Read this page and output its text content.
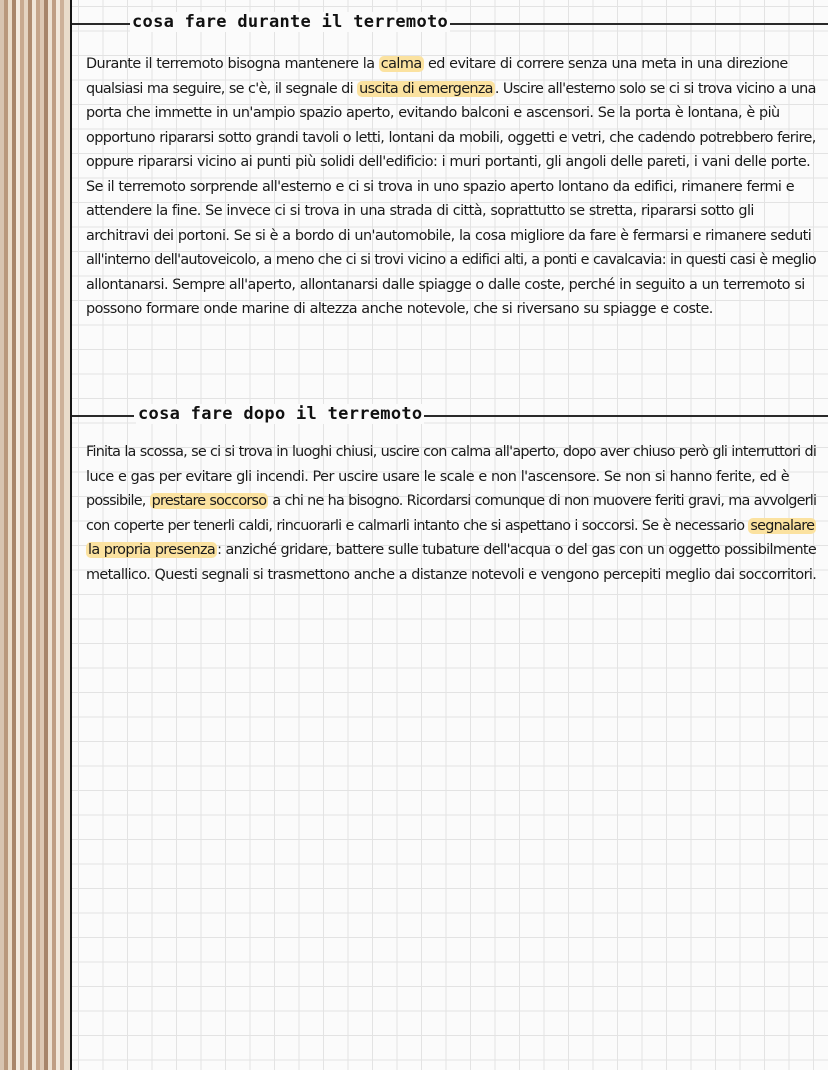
cosa fare durante il terremoto
Durante il terremoto bisogna mantenere la calma ed evitare di correre senza una meta in una direzione
qualsiasi ma seguire, se c'è, il segnale di uscita di emergenza . Uscire all'esterno solo se ci si trova vicino a una
porta che immette in un'ampio spazio aperto, evitando balconi e ascensori. Se la porta è lontana, è più
opportuno ripararsi sotto grandi tavoli o letti, lontani da mobili, oggetti e vetri, che cadendo potrebbero ferire,
oppure ripararsi vicino ai punti più solidi dell'edificio: i muri portanti, gli angoli delle pareti, i vani delle porte.
Se il terremoto sorprende all'esterno e ci si trova in uno spazio aperto lontano da edifici, rimanere fermi e
attendere la fine. Se invece ci si trova in una strada di città, soprattutto se stretta, ripararsi sotto gli
architravi dei portoni. Se si è a bordo di un'automobile, la cosa migliore da fare è fermarsi e rimanere seduti
all'interno dell'autoveicolo, a meno che ci si trovi vicino a edifici alti, a ponti e cavalcavia: in questi casi è meglio
allontanarsi. Sempre all'aperto, allontanarsi dalle spiagge o dalle coste, perché in seguito a un terremoto si
possono formare onde marine di altezza anche notevole, che si riversano su spiagge e coste.
cosa fare dopo il terremoto
Finita la scossa, se ci si trova in luoghi chiusi, uscire con calma all'aperto, dopo aver chiuso però gli interruttori di
luce e gas per evitare gli incendi. Per uscire usare le scale e non l'ascensore. Se non si hanno ferite, ed è
possibile, prestare soccorso a chi ne ha bisogno. Ricordarsi comunque di non muovere feriti gravi, ma avvolgerli
con coperte per tenerli caldi, rincuorarli e calmarli intanto che si aspettano i soccorsi. Se è necessario segnalare
la propria presenza : anziché gridare, battere sulle tubature dell'acqua o del gas con un oggetto possibilmente
metallico. Questi segnali si trasmettono anche a distanze notevoli e vengono percepiti meglio dai soccorritori.
